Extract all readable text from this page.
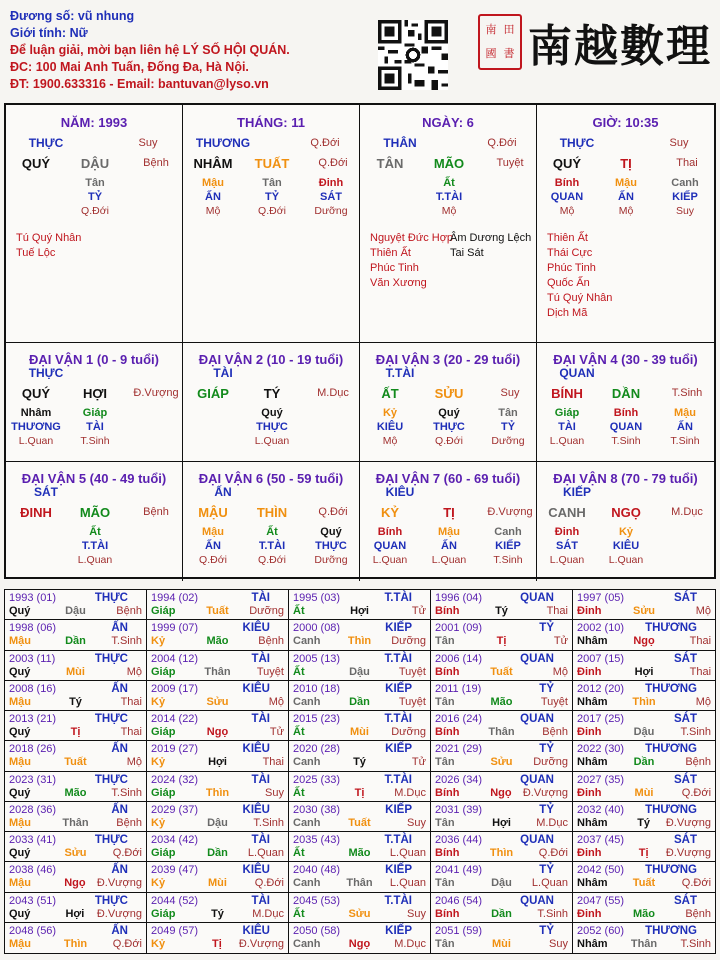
Đương số: vũ nhung
Giới tính: Nữ
Để luận giải, mời bạn liên hệ LÝ SỐ HỘI QUÁN.
ĐC: 100 Mai Anh Tuấn, Đống Đa, Hà Nội.
ĐT: 1900.633316 - Email: bantuvan@lyso.vn
南 田
國 書 南越數理
NĂM: 1993
THỰC	Suy
QUÝ DẬU	Bệnh
Tân
TỶ
Q.Đới
Tú Quý Nhân
Tuế Lộc
THÁNG: 11
THƯƠNG	Q.Đới
NHÂM TUẤT	Q.Đới
Mậu
ẤN
Mộ
Tân
TỶ
Q.Đới
Đinh
SÁT
Dưỡng
NGÀY: 6
THÂN	Q.Đới
TÂN MÃO	Tuyệt
Ất
T.TÀI
Mộ
Nguyệt Đức Hợp
Thiên Ất
Phúc Tinh
Văn Xương
Âm Dương Lệch
Tai Sát
GIỜ: 10:35
THỰC	Suy
QUÝ	TỊ	Thai
Bính
QUAN
Mộ
Mậu
ẤN
Mộ
Canh
KIẾP
Suy
Thiên Ất
Thái Cực
Phúc Tinh
Quốc Ấn
Tú Quý Nhân
Dịch Mã
ĐẠI VẬN 1 (0 - 9 tuổi)
THỰC
QUÝ	HỢI Đ.Vượng
Nhâm
THƯƠNG
L.Quan
Giáp
TÀI
T.Sinh
ĐẠI VẬN 2 (10 - 19 tuổi)
TÀI
GIÁP	TÝ	M.Dục
Quý
THỰC
L.Quan
ĐẠI VẬN 3 (20 - 29 tuổi)
T.TÀI
ẤT	SỬU	Suy
Kỷ
KIÊU
Mộ
Quý
THỰC
Q.Đới
Tân
TỶ
Dưỡng
ĐẠI VẬN 4 (30 - 39 tuổi)
QUAN
BÍNH DẦN	T.Sinh
Giáp
TÀI
L.Quan
Bính
QUAN
T.Sinh
Mậu
ẤN
T.Sinh
ĐẠI VẬN 5 (40 - 49 tuổi)
SÁT
ĐINH MÃO	Bệnh
Ất
T.TÀI
L.Quan
ĐẠI VẬN 6 (50 - 59 tuổi)
ẤN
MẬU THÌN	Q.Đới
Mậu
ẤN
Q.Đới
Ất
T.TÀI
Q.Đới
Quý
THỰC
Dưỡng
ĐẠI VẬN 7 (60 - 69 tuổi)
KIÊU
KỶ	TỊ	Đ.Vượng
Bính
QUAN
L.Quan
Mậu
ẤN
L.Quan
Canh
KIẾP
T.Sinh
ĐẠI VẬN 8 (70 - 79 tuổi)
KIẾP
CANH NGỌ	M.Dục
Đinh
SÁT
L.Quan
Kỷ
KIÊU
L.Quan
1993 (01)	THỰC
Quý	Dậu	Bệnh
1994 (02)	TÀI
Giáp	Tuất	Dưỡng
1995 (03)	T.TÀI
Ất	Hợi	Tử
1996 (04)	QUAN
Bính	Tý	Thai
1997 (05)	SÁT
Đinh	Sửu	Mộ
1998 (06)	ẤN
Mậu	Dần	T.Sinh
1999 (07)	KIÊU
Kỷ	Mão	Bệnh
2000 (08)	KIẾP
Canh	Thìn	Dưỡng
2001 (09)	TỶ
Tân	Tị	Tử
2002 (10) THƯƠNG
Nhâm	Ngọ	Thai
2003 (11)	THỰC
Quý	Mùi	Mộ
2004 (12)	TÀI
Giáp	Thân	Tuyệt
2005 (13)	T.TÀI
Ất	Dậu	Tuyệt
2006 (14)	QUAN
Bính	Tuất	Mộ
2007 (15)	SÁT
Đinh	Hợi	Thai
2008 (16)	ẤN
Mậu	Tý	Thai
2009 (17)	KIÊU
Kỷ	Sửu	Mộ
2010 (18)	KIẾP
Canh	Dần	Tuyệt
2011 (19)	TỶ
Tân	Mão	Tuyệt
2012 (20) THƯƠNG
Nhâm	Thìn	Mộ
2013 (21)	THỰC
Quý	Tị	Thai
2014 (22)	TÀI
Giáp	Ngọ	Tử
2015 (23)	T.TÀI
Ất	Mùi	Dưỡng
2016 (24)	QUAN
Bính	Thân	Bệnh
2017 (25)	SÁT
Đinh	Dậu	T.Sinh
2018 (26)	ẤN
Mậu	Tuất	Mộ
2019 (27)	KIÊU
Kỷ	Hợi	Thai
2020 (28)	KIẾP
Canh	Tý	Tử
2021 (29)	TỶ
Tân	Sửu	Dưỡng
2022 (30) THƯƠNG
Nhâm	Dần	Bệnh
2023 (31)	THỰC
Quý	Mão	T.Sinh
2024 (32)	TÀI
Giáp	Thìn	Suy
2025 (33)	T.TÀI
Ất	Tị	M.Dục
2026 (34)	QUAN
Bính	Ngọ	Đ.Vượng
2027 (35)	SÁT
Đinh	Mùi	Q.Đới
2028 (36)	ẤN
Mậu	Thân	Bệnh
2029 (37)	KIÊU
Kỷ	Dậu	T.Sinh
2030 (38)	KIẾP
Canh	Tuất	Suy
2031 (39)	TỶ
Tân	Hợi	M.Dục
2032 (40) THƯƠNG
Nhâm	Tý	Đ.Vượng
2033 (41)	THỰC
Quý	Sửu	Q.Đới
2034 (42)	TÀI
Giáp	Dần	L.Quan
2035 (43)	T.TÀI
Ất	Mão	L.Quan
2036 (44)	QUAN
Bính	Thìn	Q.Đới
2037 (45)	SÁT
Đinh	Tị	Đ.Vượng
2038 (46)	ẤN
Mậu	Ngọ	Đ.Vượng
2039 (47)	KIÊU
Kỷ	Mùi	Q.Đới
2040 (48)	KIẾP
Canh	Thân	L.Quan
2041 (49)	TỶ
Tân	Dậu	L.Quan
2042 (50) THƯƠNG
Nhâm	Tuất	Q.Đới
2043 (51)	THỰC
Quý	Hợi	Đ.Vượng
2044 (52)	TÀI
Giáp	Tý	M.Dục
2045 (53)	T.TÀI
Ất	Sửu	Suy
2046 (54)	QUAN
Bính	Dần	T.Sinh
2047 (55)	SÁT
Đinh	Mão	Bệnh
2048 (56)	ẤN
Mậu	Thìn	Q.Đới
2049 (57)	KIÊU
Kỷ	Tị	Đ.Vượng
2050 (58)	KIẾP
Canh	Ngọ	M.Dục
2051 (59)	TỶ
Tân	Mùi	Suy
2052 (60) THƯƠNG
Nhâm	Thân	T.Sinh
